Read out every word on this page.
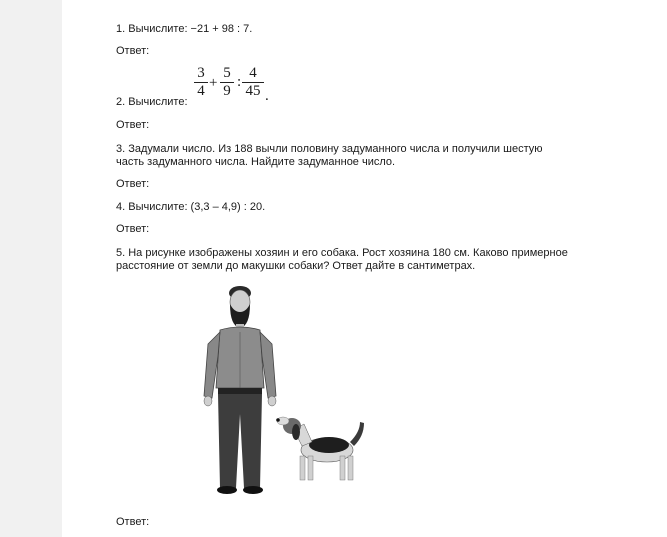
1. Вычислите: −21 + 98 : 7.
Ответ:
2. Вычислите:
3
4 +
5
9
:
4
45 .
Ответ:
3. Задумали число. Из 188 вычли половину задуманного числа и получили шестую
часть задуманного числа. Найдите задуманное число.
Ответ:
4. Вычислите: (3,3 – 4,9) : 20.
Ответ:
5. На рисунке изображены хозяин и его собака. Рост хозяина 180 см. Каково примерное
расстояние от земли до макушки собаки? Ответ дайте в сантиметрах.
Ответ:
